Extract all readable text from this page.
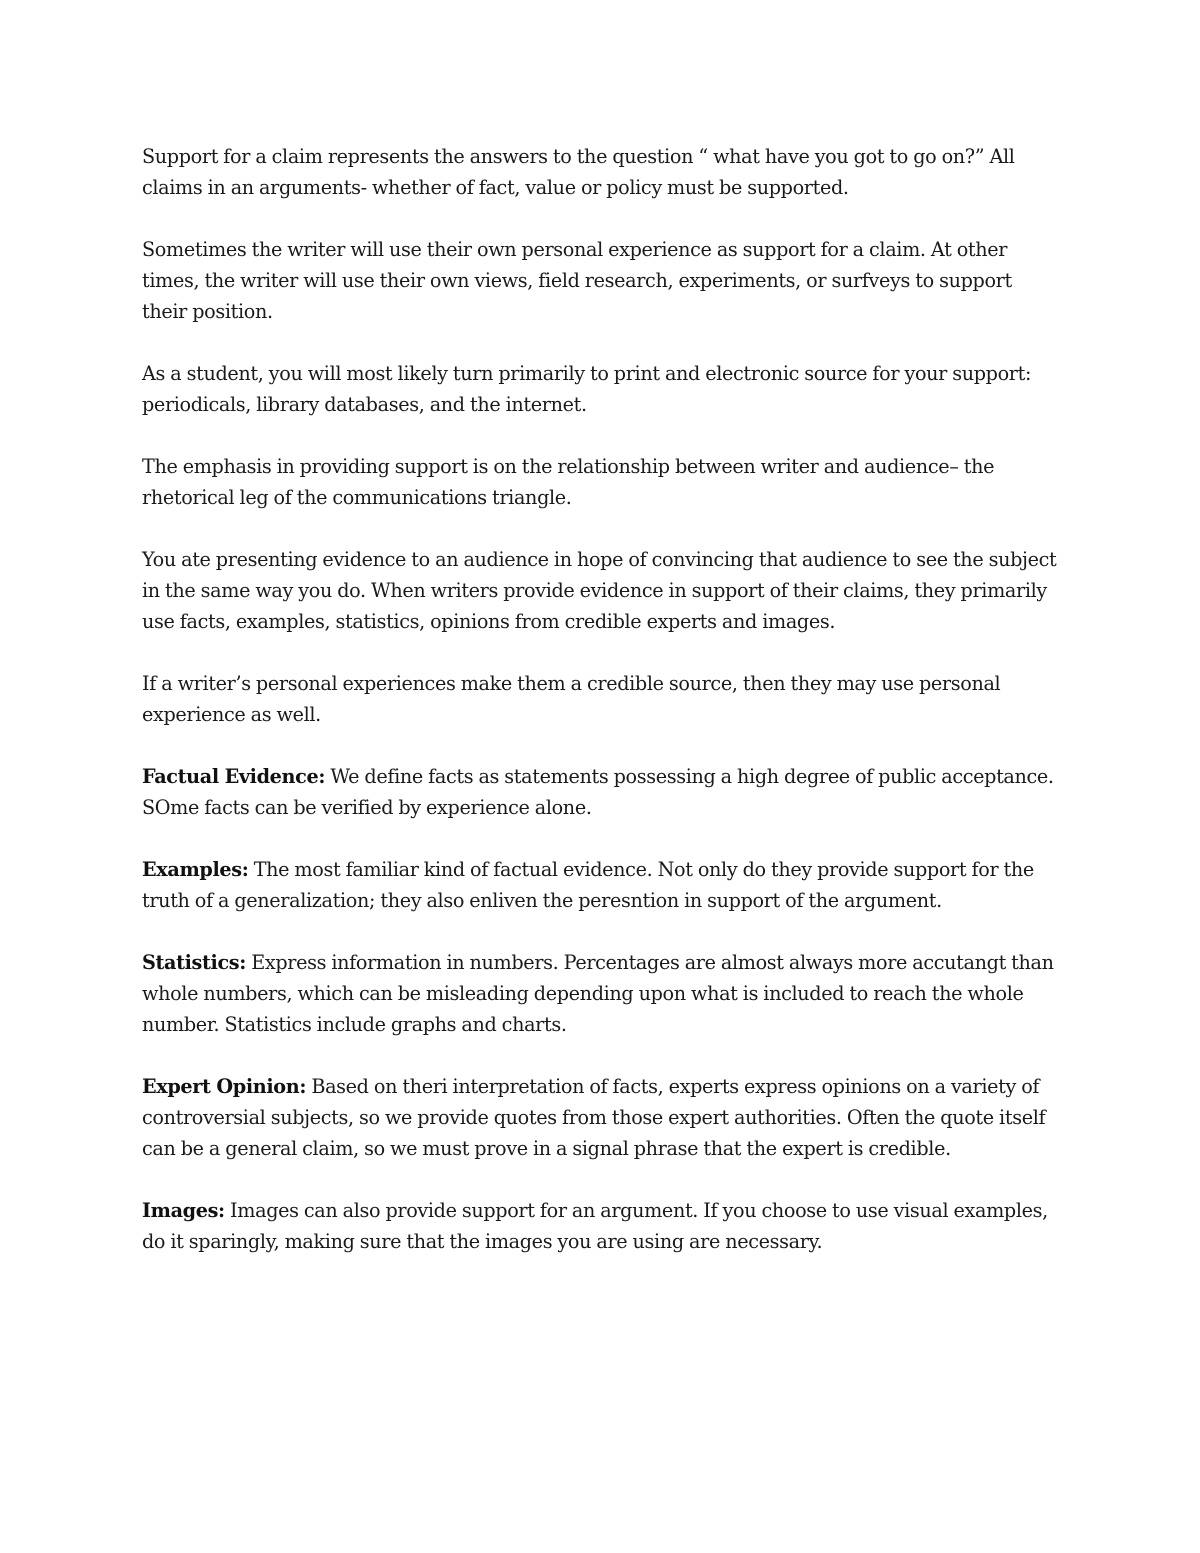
Support for a claim represents the answers to the question “ what have you got to go on?” All claims in an arguments- whether of fact, value or policy must be supported.

Sometimes the writer will use their own personal experience as support for a claim. At other times, the writer will use their own views, field research, experiments, or surfveys to support their position.

As a student, you will most likely turn primarily to print and electronic source for your support: periodicals, library databases, and the internet.

The emphasis in providing support is on the relationship between writer and audience– the rhetorical leg of the communications triangle.

You ate presenting evidence to an audience in hope of convincing that audience to see the subject in the same way you do. When writers provide evidence in support of their claims, they primarily use facts, examples, statistics, opinions from credible experts and images.

If a writer’s personal experiences make them a credible source, then they may use personal experience as well.

Factual Evidence: We define facts as statements possessing a high degree of public acceptance. SOme facts can be verified by experience alone.

Examples: The most familiar kind of factual evidence. Not only do they provide support for the truth of a generalization; they also enliven the peresntion in support of the argument.

Statistics: Express information in numbers. Percentages are almost always more accutangt than whole numbers, which can be misleading depending upon what is included to reach the whole number. Statistics include graphs and charts.

Expert Opinion: Based on theri interpretation of facts, experts express opinions on a variety of controversial subjects, so we provide quotes from those expert authorities. Often the quote itself can be a general claim, so we must prove in a signal phrase that the expert is credible.

Images: Images can also provide support for an argument. If you choose to use visual examples, do it sparingly, making sure that the images you are using are necessary.
